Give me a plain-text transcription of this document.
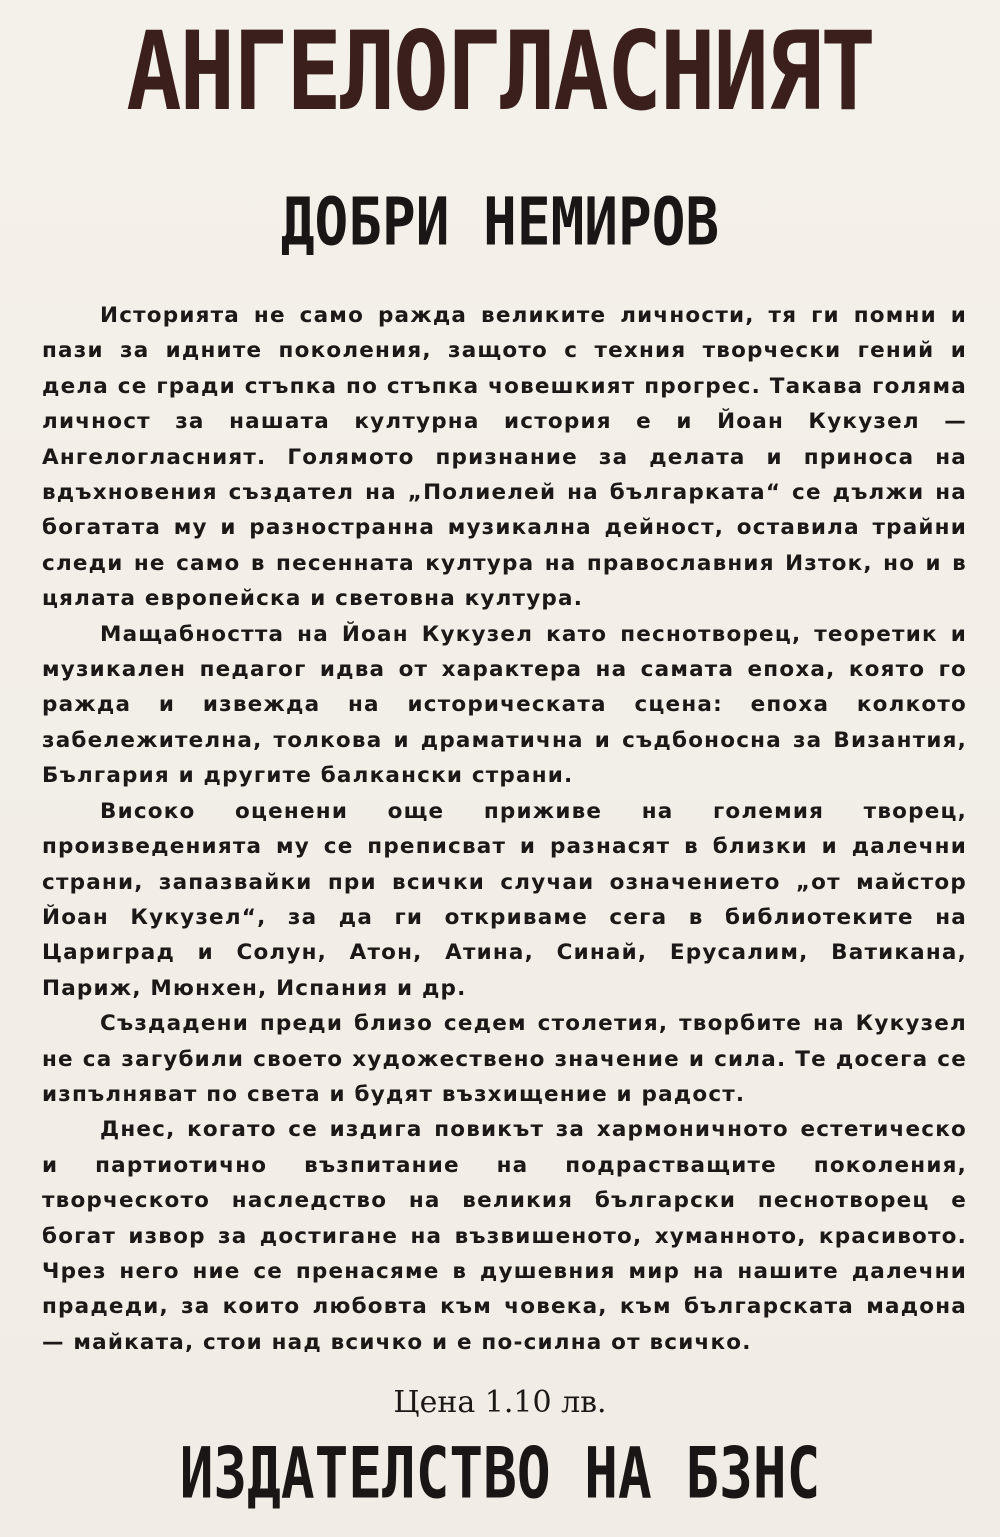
АНГЕЛОГЛАСНИЯТ
ДОБРИ НЕМИРОВ

Историята не само ражда великите личности, тя ги помни и пази за идните поколения, защото с техния творчески гений и дела се гради стъпка по стъпка човешкият прогрес. Такава голяма личност за нашата културна история е и Йоан Кукузел — Ангелогласният. Голямото признание за делата и приноса на вдъхновения създател на „Полиелей на българката“ се дължи на богатата му и разностранна музикална дейност, оставила трайни следи не само в песенната култура на православния Изток, но и в цялата европейска и световна култура.

Мащабността на Йоан Кукузел като песнотворец, теоретик и музикален педагог идва от характера на самата епоха, която го ражда и извежда на историческата сцена: епоха колкото забележителна, толкова и драматична и съдбоносна за Византия, България и другите балкански страни.

Високо оценени още приживе на големия творец, произведенията му се преписват и разнасят в близки и далечни страни, запазвайки при всички случаи означението „от майстор Йоан Кукузел“, за да ги откриваме сега в библиотеките на Цариград и Солун, Атон, Атина, Синай, Ерусалим, Ватикана, Париж, Мюнхен, Испания и др.

Създадени преди близо седем столетия, творбите на Кукузел не са загубили своето художествено значение и сила. Те досега се изпълняват по света и будят възхищение и радост.

Днес, когато се издига повикът за хармоничното естетическо и партиотично възпитание на подрастващите поколения, творческото наследство на великия български песнотворец е богат извор за достигане на възвишеното, хуманното, красивото. Чрез него ние се пренасяме в душевния мир на нашите далечни прадеди, за които любовта към човека, към българската мадона — майката, стои над всичко и е по-силна от всичко.

Цена 1.10 лв.
ИЗДАТЕЛСТВО НА БЗНС
